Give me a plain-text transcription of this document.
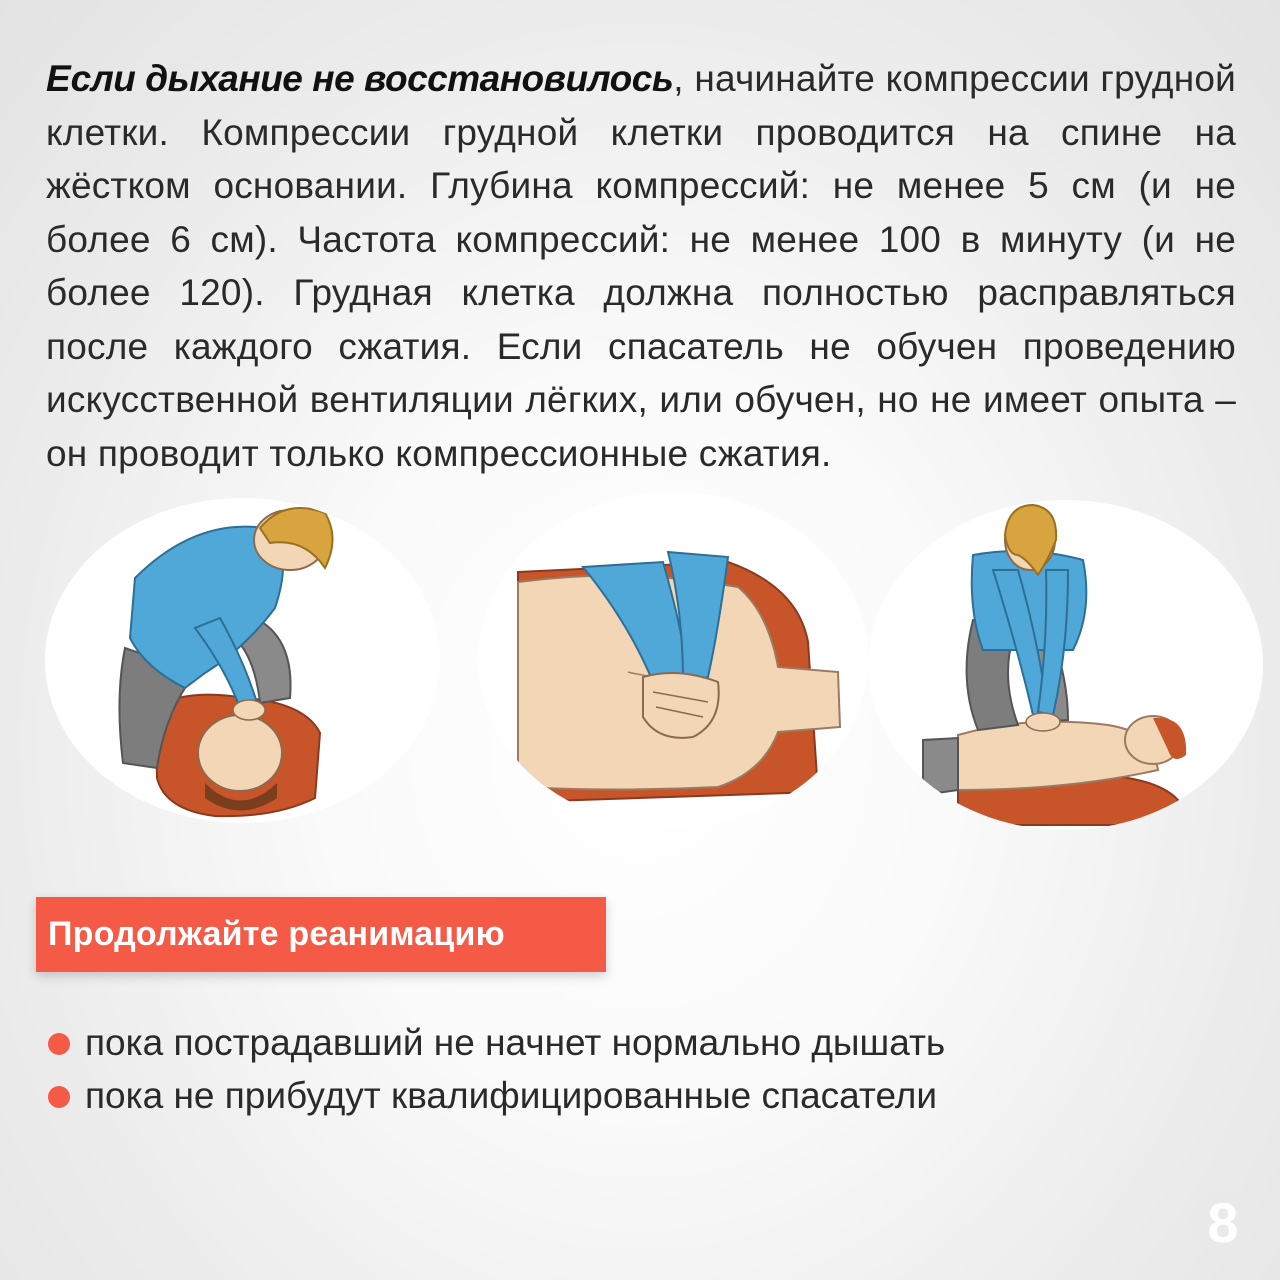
Если дыхание не восстановилось, начинайте компрессии грудной клетки. Компрессии грудной клетки проводится на спине на жёстком основании. Глубина компрессий: не менее 5 см (и не более 6 см). Частота компрессий: не менее 100 в минуту (и не более 120). Грудная клетка должна полностью расправляться после каждого сжатия. Если спасатель не обучен проведению искусственной вентиляции лёгких, или обучен, но не имеет опыта – он проводит только компрессионные сжатия.
Продолжайте реанимацию
пока пострадавший не начнет нормально дышать
пока не прибудут квалифицированные спасатели
8
